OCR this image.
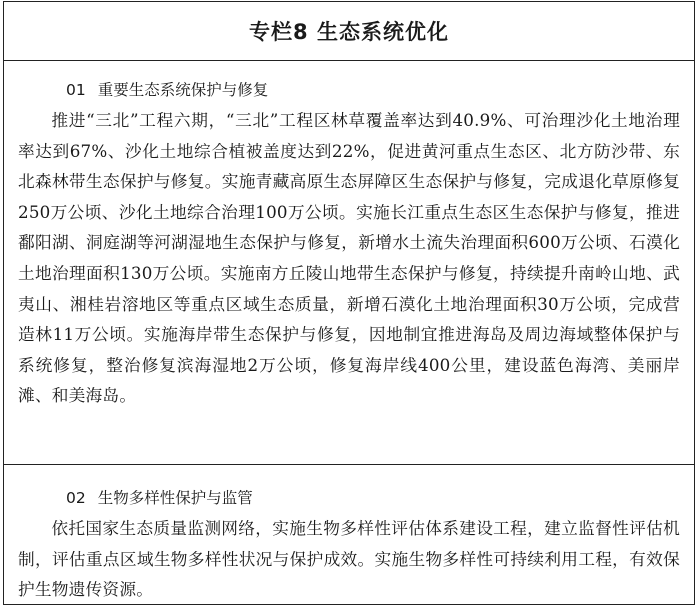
专栏8 生态系统优化

01 重要生态系统保护与修复

推进“三北”工程六期，“三北”工程区林草覆盖率达到40.9%、可治理沙化土地治理率达到67%、沙化土地综合植被盖度达到22%，促进黄河重点生态区、北方防沙带、东北森林带生态保护与修复。实施青藏高原生态屏障区生态保护与修复，完成退化草原修复250万公顷、沙化土地综合治理100万公顷。实施长江重点生态区生态保护与修复，推进鄱阳湖、洞庭湖等河湖湿地生态保护与修复，新增水土流失治理面积600万公顷、石漠化土地治理面积130万公顷。实施南方丘陵山地带生态保护与修复，持续提升南岭山地、武夷山、湘桂岩溶地区等重点区域生态质量，新增石漠化土地治理面积30万公顷，完成营造林11万公顷。实施海岸带生态保护与修复，因地制宜推进海岛及周边海域整体保护与系统修复，整治修复滨海湿地2万公顷，修复海岸线400公里，建设蓝色海湾、美丽岸滩、和美海岛。

02 生物多样性保护与监管

依托国家生态质量监测网络，实施生物多样性评估体系建设工程，建立监督性评估机制，评估重点区域生物多样性状况与保护成效。实施生物多样性可持续利用工程，有效保护生物遗传资源。
